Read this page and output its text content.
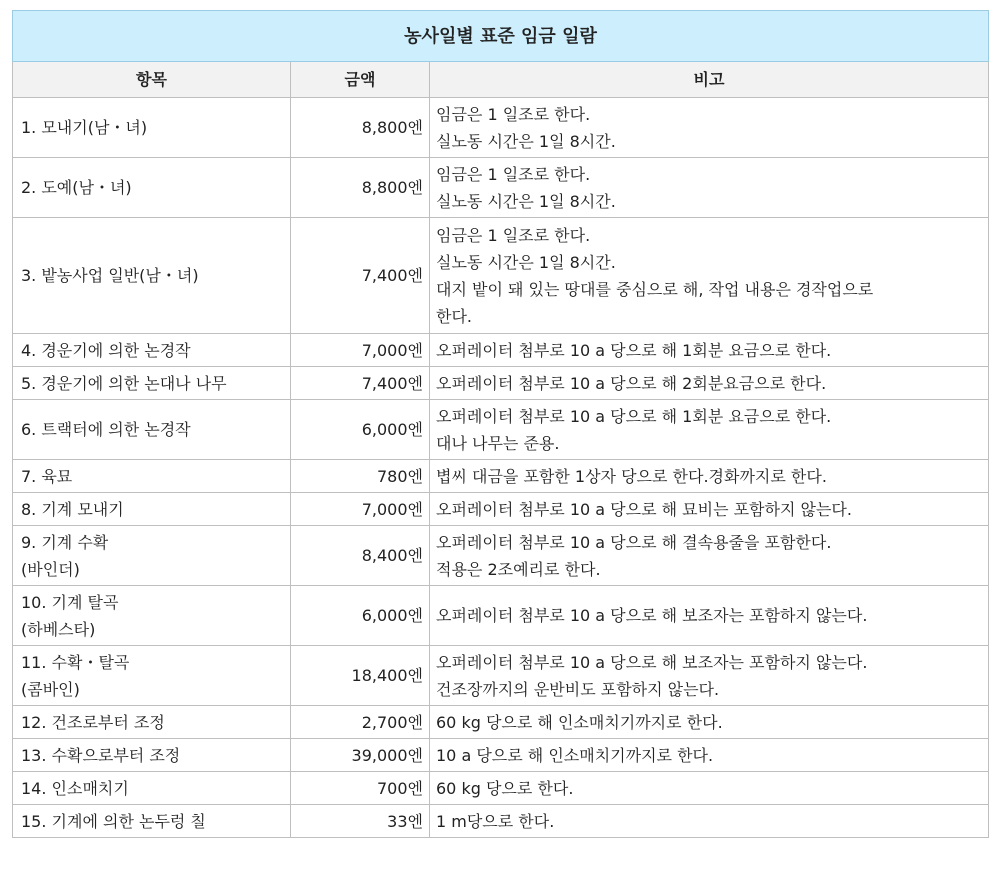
농사일별 표준 임금 일람		
항목	금액	비고

1. 모내기(남・녀)	8,800엔	임금은 1 일조로 한다.
실노동 시간은 1일 8시간.

2. 도예(남・녀)	8,800엔	임금은 1 일조로 한다.
실노동 시간은 1일 8시간.

3. 밭농사업 일반(남・녀)	7,400엔	임금은 1 일조로 한다.
실노동 시간은 1일 8시간.
대지 밭이 돼 있는 땅대를 중심으로 해, 작업 내용은 경작업으로
한다.

4. 경운기에 의한 논경작	7,000엔	오퍼레이터 첨부로 10 a 당으로 해 1회분 요금으로 한다.

5. 경운기에 의한 논대나 나무	7,400엔	오퍼레이터 첨부로 10 a 당으로 해 2회분요금으로 한다.

6. 트랙터에 의한 논경작	6,000엔	오퍼레이터 첨부로 10 a 당으로 해 1회분 요금으로 한다.
대나 나무는 준용.

7. 육묘	780엔	볍씨 대금을 포함한 1상자 당으로 한다.경화까지로 한다.

8. 기계 모내기	7,000엔	오퍼레이터 첨부로 10 a 당으로 해 묘비는 포함하지 않는다.

9. 기계 수확
(바인더)	8,400엔	오퍼레이터 첨부로 10 a 당으로 해 결속용줄을 포함한다.
적용은 2조예리로 한다.

10. 기계 탈곡
(하베스타)	6,000엔	오퍼레이터 첨부로 10 a 당으로 해 보조자는 포함하지 않는다.

11. 수확・탈곡
(콤바인)	18,400엔	오퍼레이터 첨부로 10 a 당으로 해 보조자는 포함하지 않는다.
건조장까지의 운반비도 포함하지 않는다.

12. 건조로부터 조정	2,700엔	60 kg 당으로 해 인소매치기까지로 한다.

13. 수확으로부터 조정	39,000엔	10 a 당으로 해 인소매치기까지로 한다.

14. 인소매치기	700엔	60 kg 당으로 한다.

15. 기계에 의한 논두렁 칠	33엔	1 m당으로 한다.
